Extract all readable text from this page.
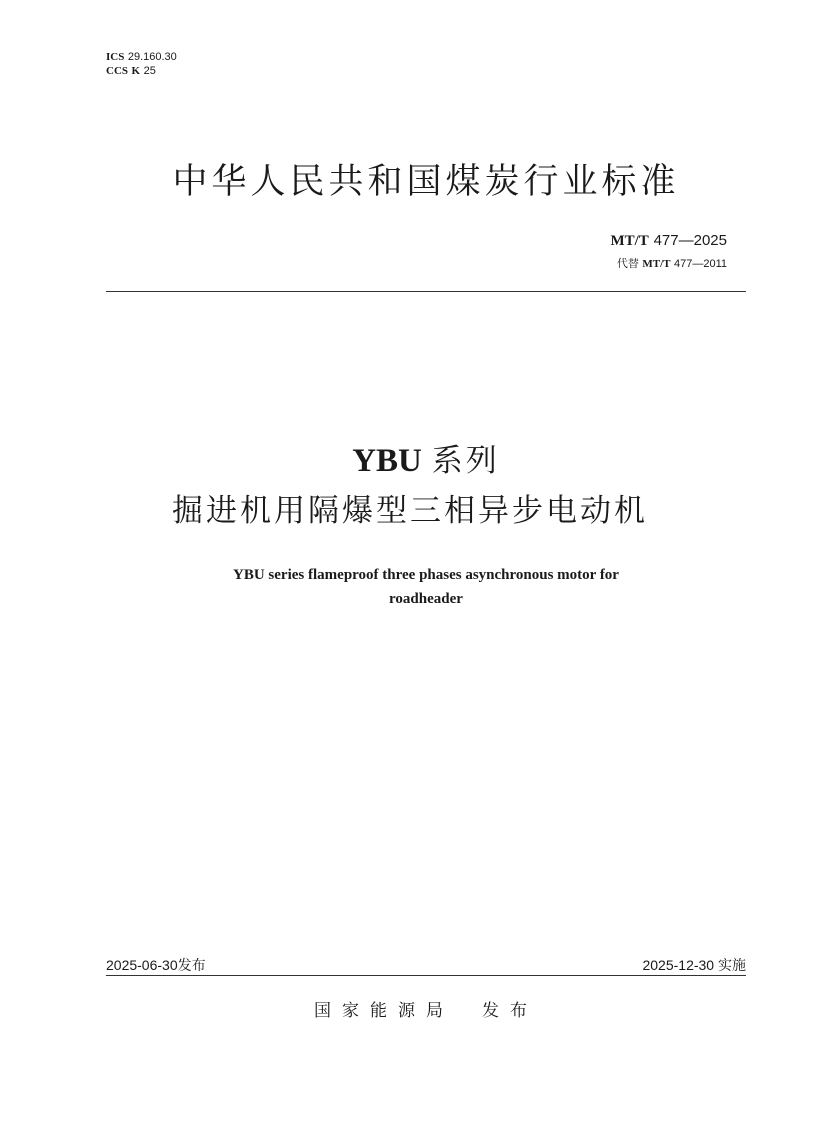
ICS 29.160.30
CCS K 25
中华人民共和国煤炭行业标准
MT/T 477—2025
代替 MT/T 477—2011
YBU 系列
掘进机用隔爆型三相异步电动机
YBU series flameproof three phases asynchronous motor for
roadheader
2025-06-30发布	2025-12-30 实施
国家能源局 发布
